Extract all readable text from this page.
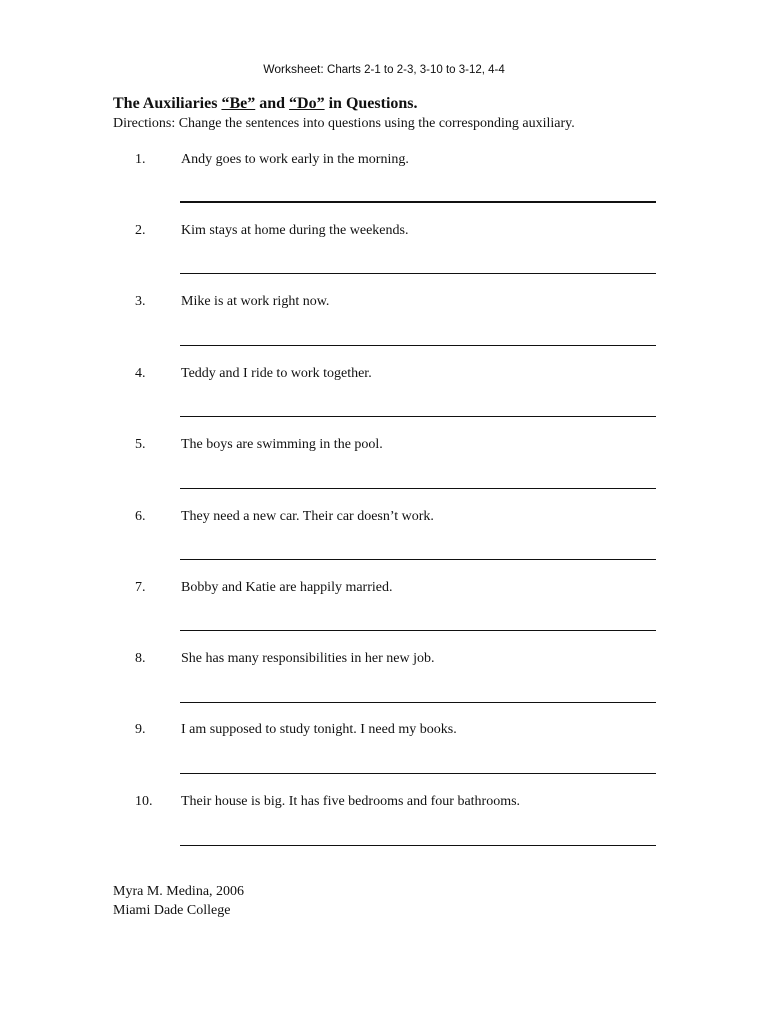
Worksheet: Charts 2-1 to 2-3, 3-10 to 3-12, 4-4
The Auxiliaries “Be” and “Do” in Questions.
Directions: Change the sentences into questions using the corresponding auxiliary.
1.	Andy goes to work early in the morning.
2.	Kim stays at home during the weekends.
3.	Mike is at work right now.
4.	Teddy and I ride to work together.
5.	The boys are swimming in the pool.
6.	They need a new car. Their car doesn’t work.
7.	Bobby and Katie are happily married.
8.	She has many responsibilities in her new job.
9.	I am supposed to study tonight. I need my books.
10. Their house is big. It has five bedrooms and four bathrooms.
Myra M. Medina, 2006
Miami Dade College
